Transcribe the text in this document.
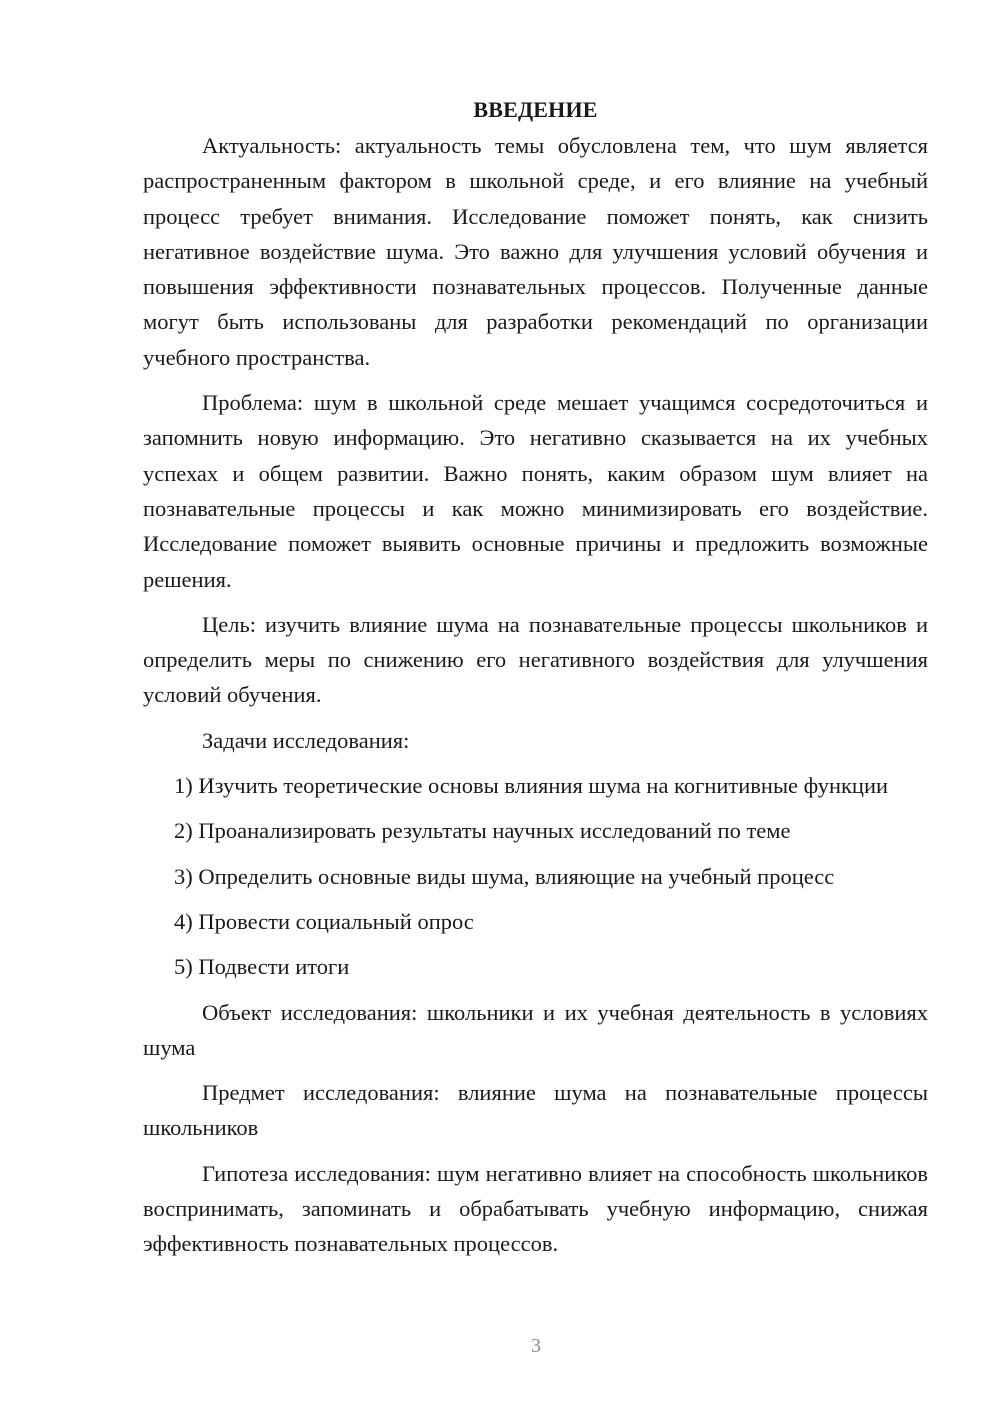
ВВЕДЕНИЕ

Актуальность: актуальность темы обусловлена тем, что шум является распространенным фактором в школьной среде, и его влияние на учебный процесс требует внимания. Исследование поможет понять, как снизить негативное воздействие шума. Это важно для улучшения условий обучения и повышения эффективности познавательных процессов. Полученные данные могут быть использованы для разработки рекомендаций по организации учебного пространства.

Проблема: шум в школьной среде мешает учащимся сосредоточиться и запомнить новую информацию. Это негативно сказывается на их учебных успехах и общем развитии. Важно понять, каким образом шум влияет на познавательные процессы и как можно минимизировать его воздействие. Исследование поможет выявить основные причины и предложить возможные решения.

Цель: изучить влияние шума на познавательные процессы школьников и определить меры по снижению его негативного воздействия для улучшения условий обучения.

Задачи исследования:

1) Изучить теоретические основы влияния шума на когнитивные функции

2) Проанализировать результаты научных исследований по теме

3) Определить основные виды шума, влияющие на учебный процесс

4) Провести социальный опрос

5) Подвести итоги

Объект исследования: школьники и их учебная деятельность в условиях шума

Предмет исследования: влияние шума на познавательные процессы школьников

Гипотеза исследования: шум негативно влияет на способность школьников воспринимать, запоминать и обрабатывать учебную информацию, снижая эффективность познавательных процессов.

3
